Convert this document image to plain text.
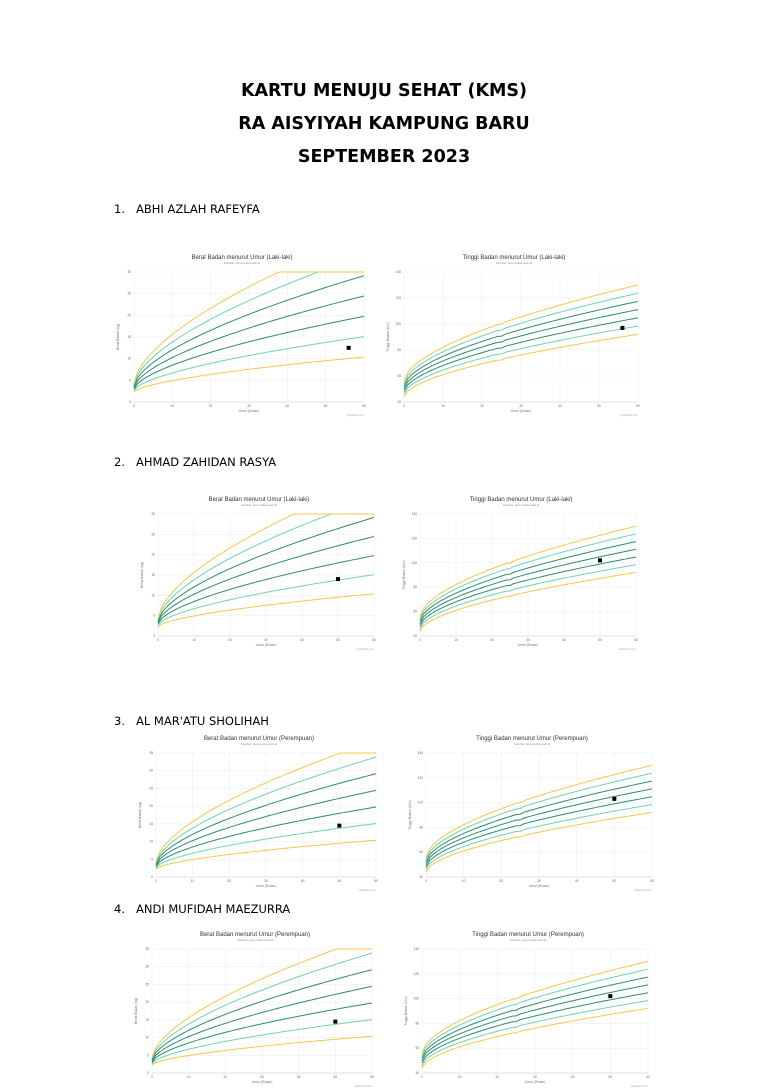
KARTU MENUJU SEHAT (KMS)
RA AISYIYAH KAMPUNG BARU
SEPTEMBER 2023
1. ABHI AZLAH RAFEYFA
2. AHMAD ZAHIDAN RASYA
3. AL MAR'ATU SHOLIHAH
4. ANDI MUFIDAH MAEZURRA
Berat Badan menurut Umur (Laki-laki)
Sumber: kms-online.web.id
0
5
10
15
20
25
30
0	10	20	30	40	50	60
Umur (Bulan)
Berat Badan (kg)
highcharts.com
Tinggi Badan menurut Umur (Laki-laki)
Sumber: kms-online.web.id
40
60
80
100
120
140
0	10	20	30	40	50	60
Umur (Bulan)
Tinggi Badan (Cm)
highcharts.com
Berat Badan menurut Umur (Laki-laki)
Sumber: kms-online.web.id
0
5
10
15
20
25
30
0	10	20	30	40	50	60
Umur (Bulan)
Berat Badan (kg)
highcharts.com
Tinggi Badan menurut Umur (Laki-laki)
Sumber: kms-online.web.id
40
60
80
100
120
140
0	10	20	30	40	50	60
Umur (Bulan)
Tinggi Badan (Cm)
highcharts.com
Berat Badan menurut Umur (Perempuan)
Sumber: kms-online.web.id
0
5
10
15
20
25
30
35
0	10	20	30	40	50	60
Umur (Bulan)
Berat Badan (kg)
highcharts.com
Tinggi Badan menurut Umur (Perempuan)
Sumber: kms-online.web.id
40
60
80
100
120
140
0	10	20	30	40	50	60
Umur (Bulan)
Tinggi Badan (Cm)
highcharts.com
Berat Badan menurut Umur (Perempuan)
Sumber: kms-online.web.id
0
5
10
15
20
25
30
35
0	10	20	30	40	50	60
Umur (Bulan)
Berat Badan (kg)
highcharts.com
Tinggi Badan menurut Umur (Perempuan)
Sumber: kms-online.web.id
40
60
80
100
120
140
0	10	20	30	40	50	60
Umur (Bulan)
Tinggi Badan (Cm)
highcharts.com
